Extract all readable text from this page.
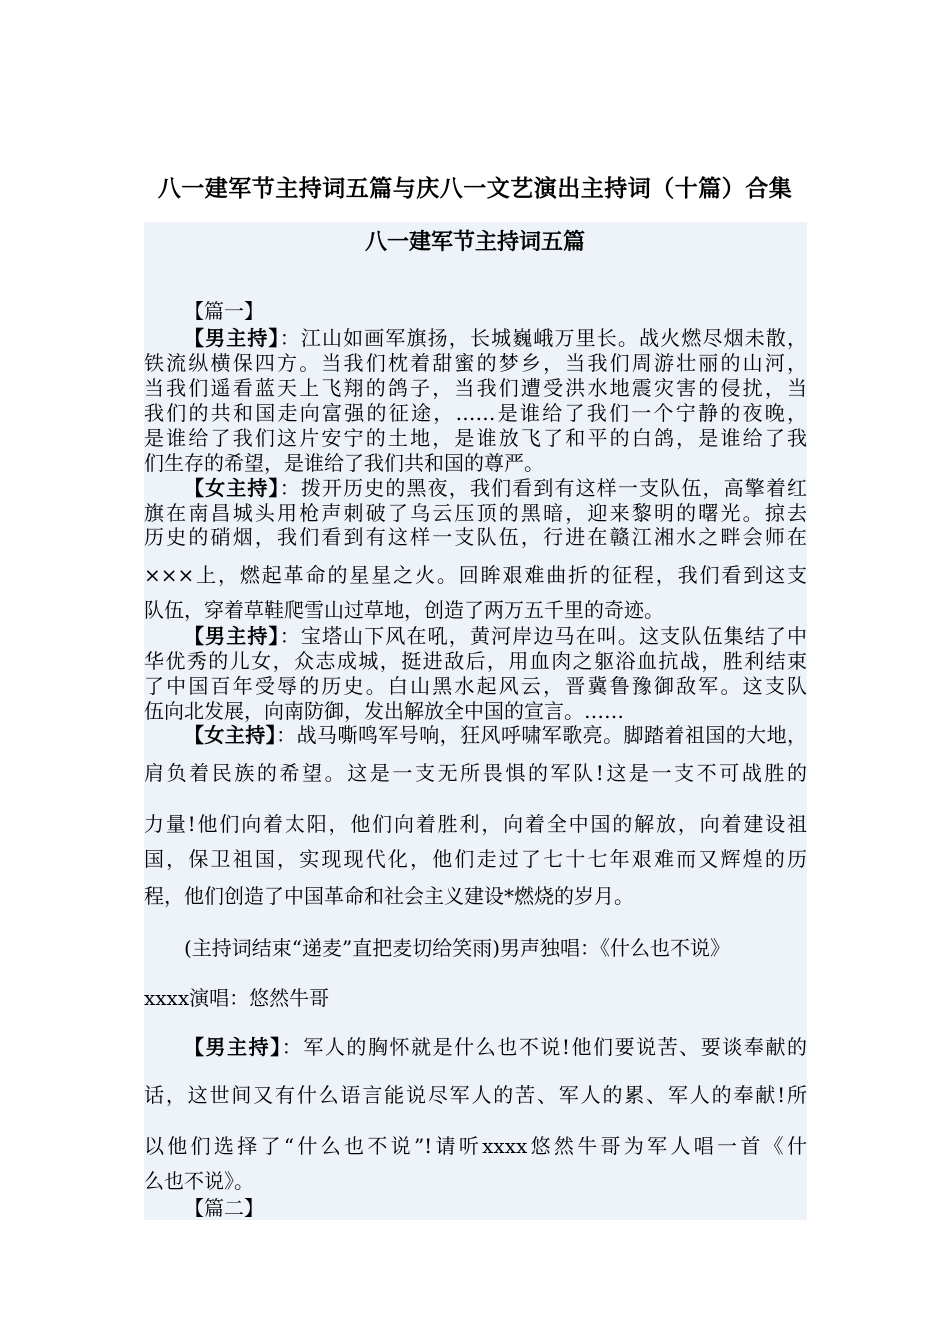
八一建军节主持词五篇与庆八一文艺演出主持词（十篇）合集
八一建军节主持词五篇
【篇一】
【男主持】：江山如画军旗扬，长城巍峨万里长。战火燃尽烟未散，
铁流纵横保四方。当我们枕着甜蜜的梦乡，当我们周游壮丽的山河，
当我们遥看蓝天上飞翔的鸽子，当我们遭受洪水地震灾害的侵扰，当
我们的共和国走向富强的征途，……是谁给了我们一个宁静的夜晚，
是谁给了我们这片安宁的土地，是谁放飞了和平的白鸽，是谁给了我
们生存的希望，是谁给了我们共和国的尊严。
【女主持】：拨开历史的黑夜，我们看到有这样一支队伍，高擎着红
旗在南昌城头用枪声刺破了乌云压顶的黑暗，迎来黎明的曙光。掠去
历史的硝烟，我们看到有这样一支队伍，行进在赣江湘水之畔会师在
×××上，燃起革命的星星之火。回眸艰难曲折的征程，我们看到这支
队伍，穿着草鞋爬雪山过草地，创造了两万五千里的奇迹。
【男主持】：宝塔山下风在吼，黄河岸边马在叫。这支队伍集结了中
华优秀的儿女，众志成城，挺进敌后，用血肉之躯浴血抗战，胜利结束
了中国百年受辱的历史。白山黑水起风云，晋冀鲁豫御敌军。这支队
伍向北发展，向南防御，发出解放全中国的宣言。……
【女主持】：战马嘶鸣军号响，狂风呼啸军歌亮。脚踏着祖国的大地，
肩负着民族的希望。这是一支无所畏惧的军队!这是一支不可战胜的
力量!他们向着太阳，他们向着胜利，向着全中国的解放，向着建设祖
国，保卫祖国，实现现代化，他们走过了七十七年艰难而又辉煌的历
程，他们创造了中国革命和社会主义建设*燃烧的岁月。
(主持词结束“递麦”直把麦切给笑雨)男声独唱：《什么也不说》
xxxx演唱：悠然牛哥
【男主持】：军人的胸怀就是什么也不说!他们要说苦、要谈奉献的
话，这世间又有什么语言能说尽军人的苦、军人的累、军人的奉献!所
以他们选择了“什么也不说”!请听xxxx悠然牛哥为军人唱一首《什
么也不说》。
【篇二】
